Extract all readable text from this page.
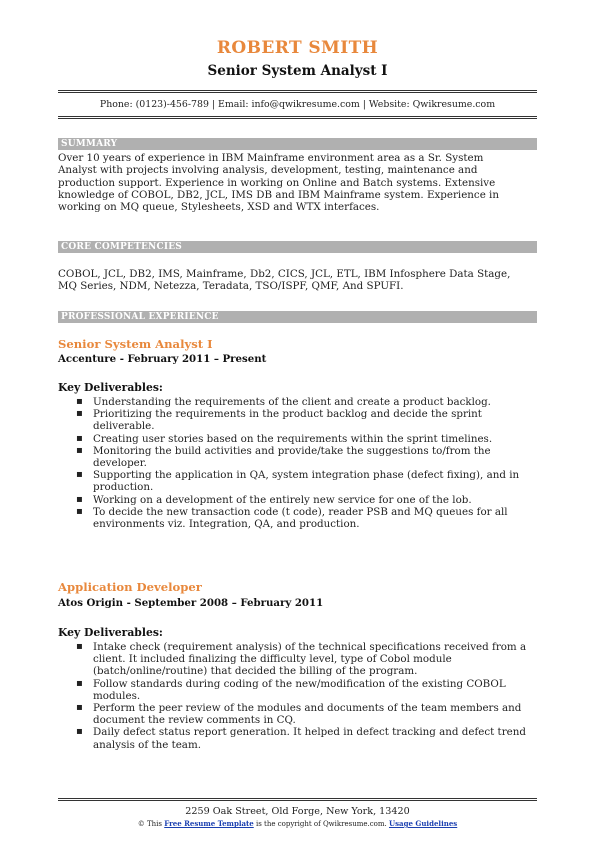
ROBERT SMITH
Senior System Analyst I
Phone: (0123)-456-789 | Email: info@qwikresume.com | Website: Qwikresume.com
SUMMARY
Over 10 years of experience in IBM Mainframe environment area as a Sr. System
Analyst with projects involving analysis, development, testing, maintenance and
production support. Experience in working on Online and Batch systems. Extensive
knowledge of COBOL, DB2, JCL, IMS DB and IBM Mainframe system. Experience in
working on MQ queue, Stylesheets, XSD and WTX interfaces.
CORE COMPETENCIES
COBOL, JCL, DB2, IMS, Mainframe, Db2, CICS, JCL, ETL, IBM Infosphere Data Stage,
MQ Series, NDM, Netezza, Teradata, TSO/ISPF, QMF, And SPUFI.
PROFESSIONAL EXPERIENCE
Senior System Analyst I
Accenture - February 2011 – Present
Key Deliverables:
▪ Understanding the requirements of the client and create a product backlog.
▪ Prioritizing the requirements in the product backlog and decide the sprint
deliverable.
▪ Creating user stories based on the requirements within the sprint timelines.
▪ Monitoring the build activities and provide/take the suggestions to/from the
developer.
▪ Supporting the application in QA, system integration phase (defect fixing), and in
production.
▪ Working on a development of the entirely new service for one of the lob.
▪ To decide the new transaction code (t code), reader PSB and MQ queues for all
environments viz. Integration, QA, and production.
Application Developer
Atos Origin - September 2008 – February 2011
Key Deliverables:
▪ Intake check (requirement analysis) of the technical specifications received from a
client. It included finalizing the difficulty level, type of Cobol module
(batch/online/routine) that decided the billing of the program.
▪ Follow standards during coding of the new/modification of the existing COBOL
modules.
▪ Perform the peer review of the modules and documents of the team members and
document the review comments in CQ.
▪ Daily defect status report generation. It helped in defect tracking and defect trend
analysis of the team.
2259 Oak Street, Old Forge, New York, 13420
© This Free Resume Template is the copyright of Qwikresume.com. Usage Guidelines
